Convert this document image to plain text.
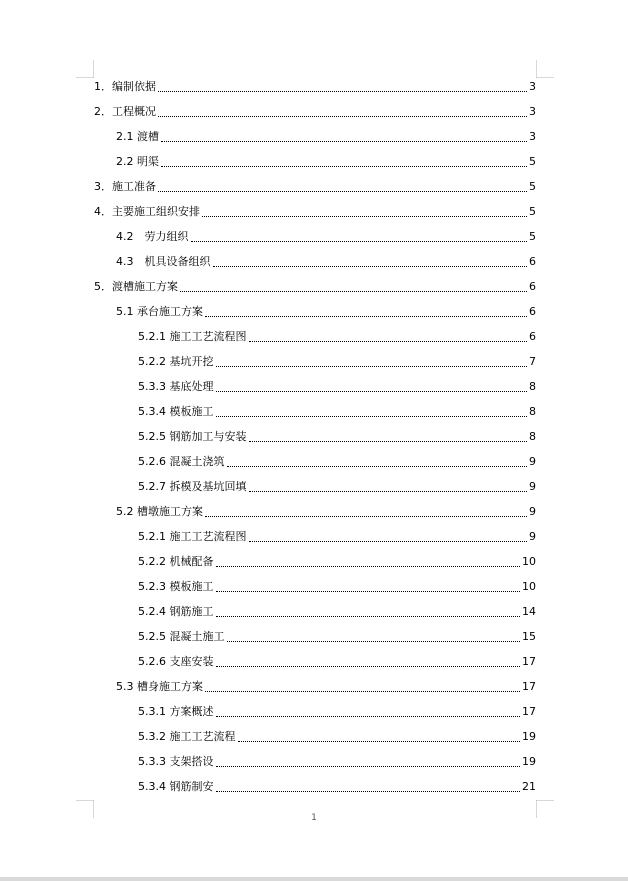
1．编制依据	3
2．工程概况	3
2.1 渡槽	3
2.2 明渠	5
3．施工准备	5
4．主要施工组织安排	5
4.2　劳力组织	5
4.3　机具设备组织	6
5．渡槽施工方案	6
5.1 承台施工方案	6
5.2.1 施工工艺流程图	6
5.2.2 基坑开挖	7
5.3.3 基底处理	8
5.3.4 模板施工	8
5.2.5 钢筋加工与安装	8
5.2.6 混凝土浇筑	9
5.2.7 拆模及基坑回填	9
5.2 槽墩施工方案	9
5.2.1 施工工艺流程图	9
5.2.2 机械配备	10
5.2.3 模板施工	10
5.2.4 钢筋施工	14
5.2.5 混凝土施工	15
5.2.6 支座安装	17
5.3 槽身施工方案	17
5.3.1 方案概述	17
5.3.2 施工工艺流程	19
5.3.3 支架搭设	19
5.3.4 钢筋制安	21
1
